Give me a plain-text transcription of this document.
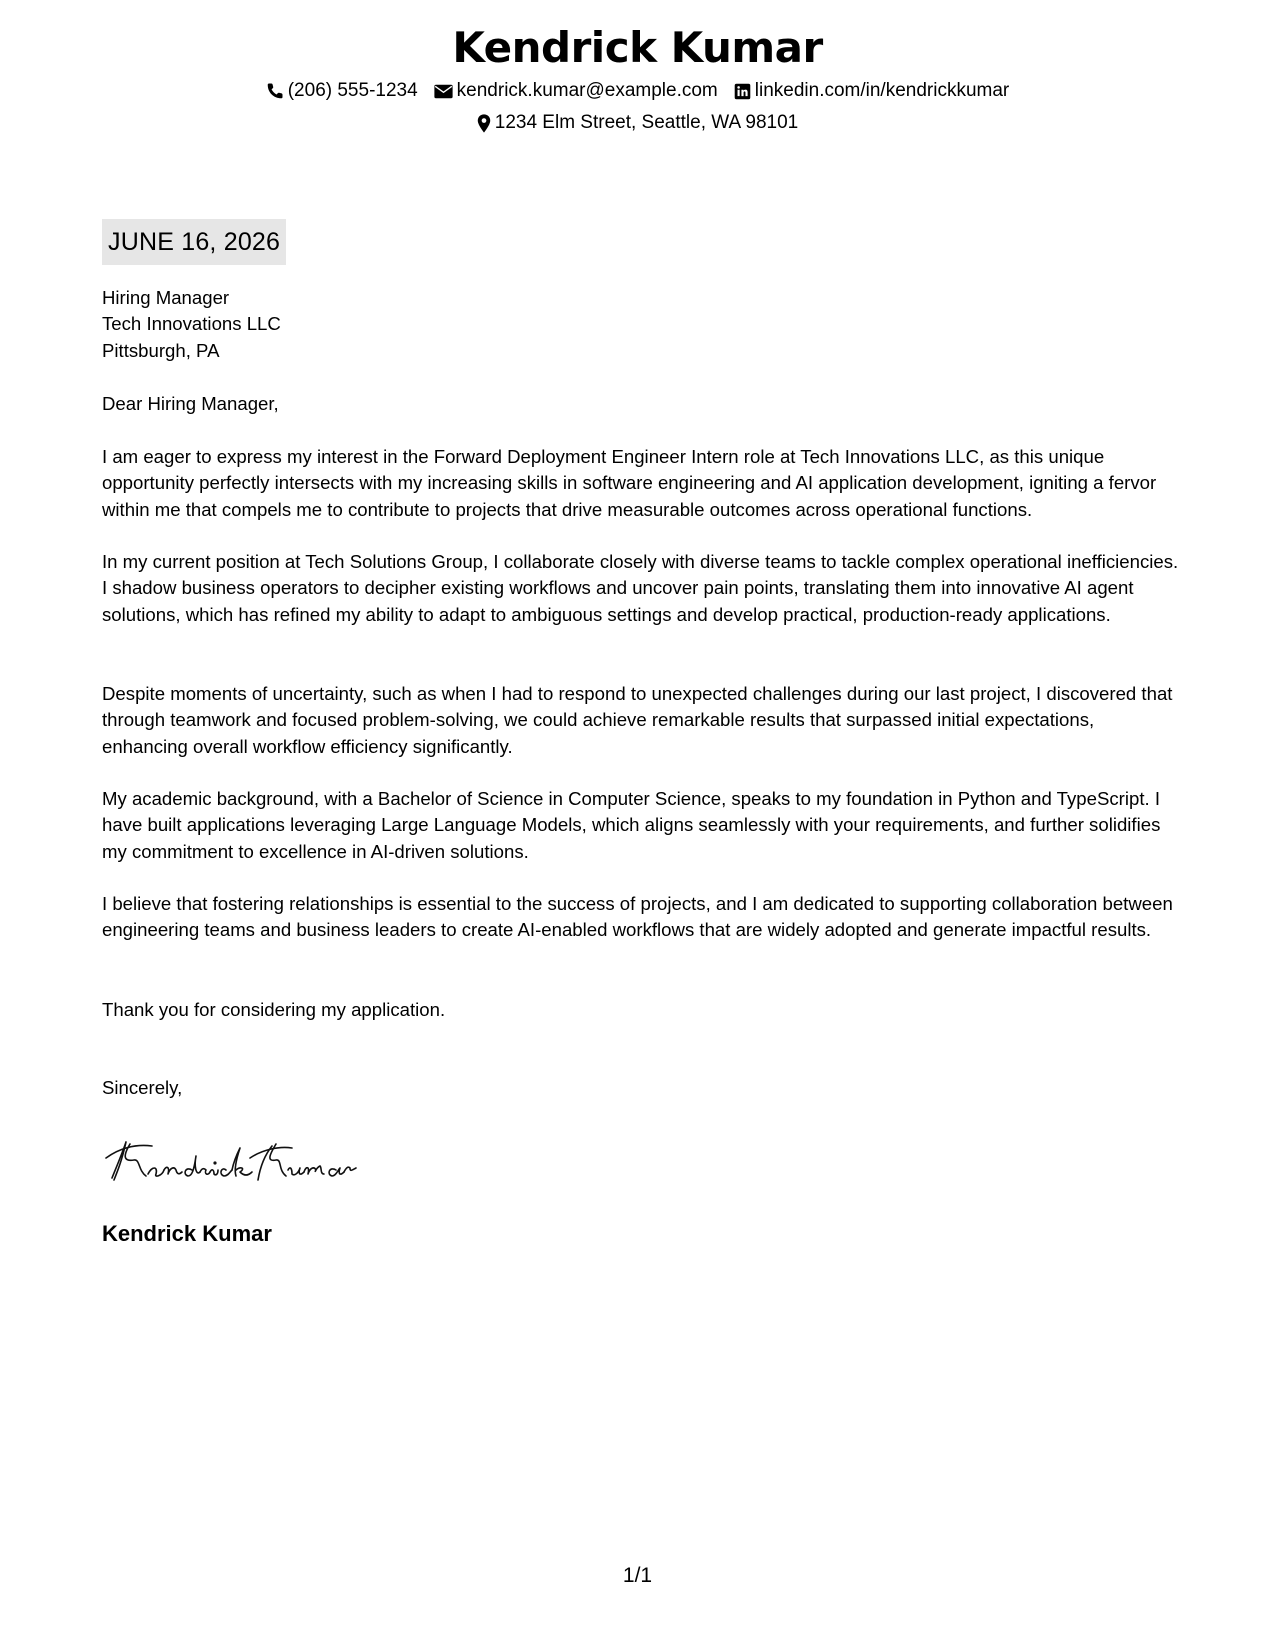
Kendrick Kumar
(206) 555-1234 kendrick.kumar@example.com linkedin.com/in/kendrickkumar
1234 Elm Street, Seattle, WA 98101
JUNE 16, 2026
Hiring Manager
Tech Innovations LLC
Pittsburgh, PA
Dear Hiring Manager,

I am eager to express my interest in the Forward Deployment Engineer Intern role at Tech Innovations LLC, as this unique opportunity perfectly intersects with my increasing skills in software engineering and AI application development, igniting a fervor within me that compels me to contribute to projects that drive measurable outcomes across operational functions.

In my current position at Tech Solutions Group, I collaborate closely with diverse teams to tackle complex operational inefficiencies. I shadow business operators to decipher existing workflows and uncover pain points, translating them into innovative AI agent solutions, which has refined my ability to adapt to ambiguous settings and develop practical, production-ready applications.

Despite moments of uncertainty, such as when I had to respond to unexpected challenges during our last project, I discovered that through teamwork and focused problem-solving, we could achieve remarkable results that surpassed initial expectations, enhancing overall workflow efficiency significantly.

My academic background, with a Bachelor of Science in Computer Science, speaks to my foundation in Python and TypeScript. I have built applications leveraging Large Language Models, which aligns seamlessly with your requirements, and further solidifies my commitment to excellence in AI-driven solutions.

I believe that fostering relationships is essential to the success of projects, and I am dedicated to supporting collaboration between engineering teams and business leaders to create AI-enabled workflows that are widely adopted and generate impactful results.

Thank you for considering my application.

Sincerely,
Kendrick Kumar
1/1
